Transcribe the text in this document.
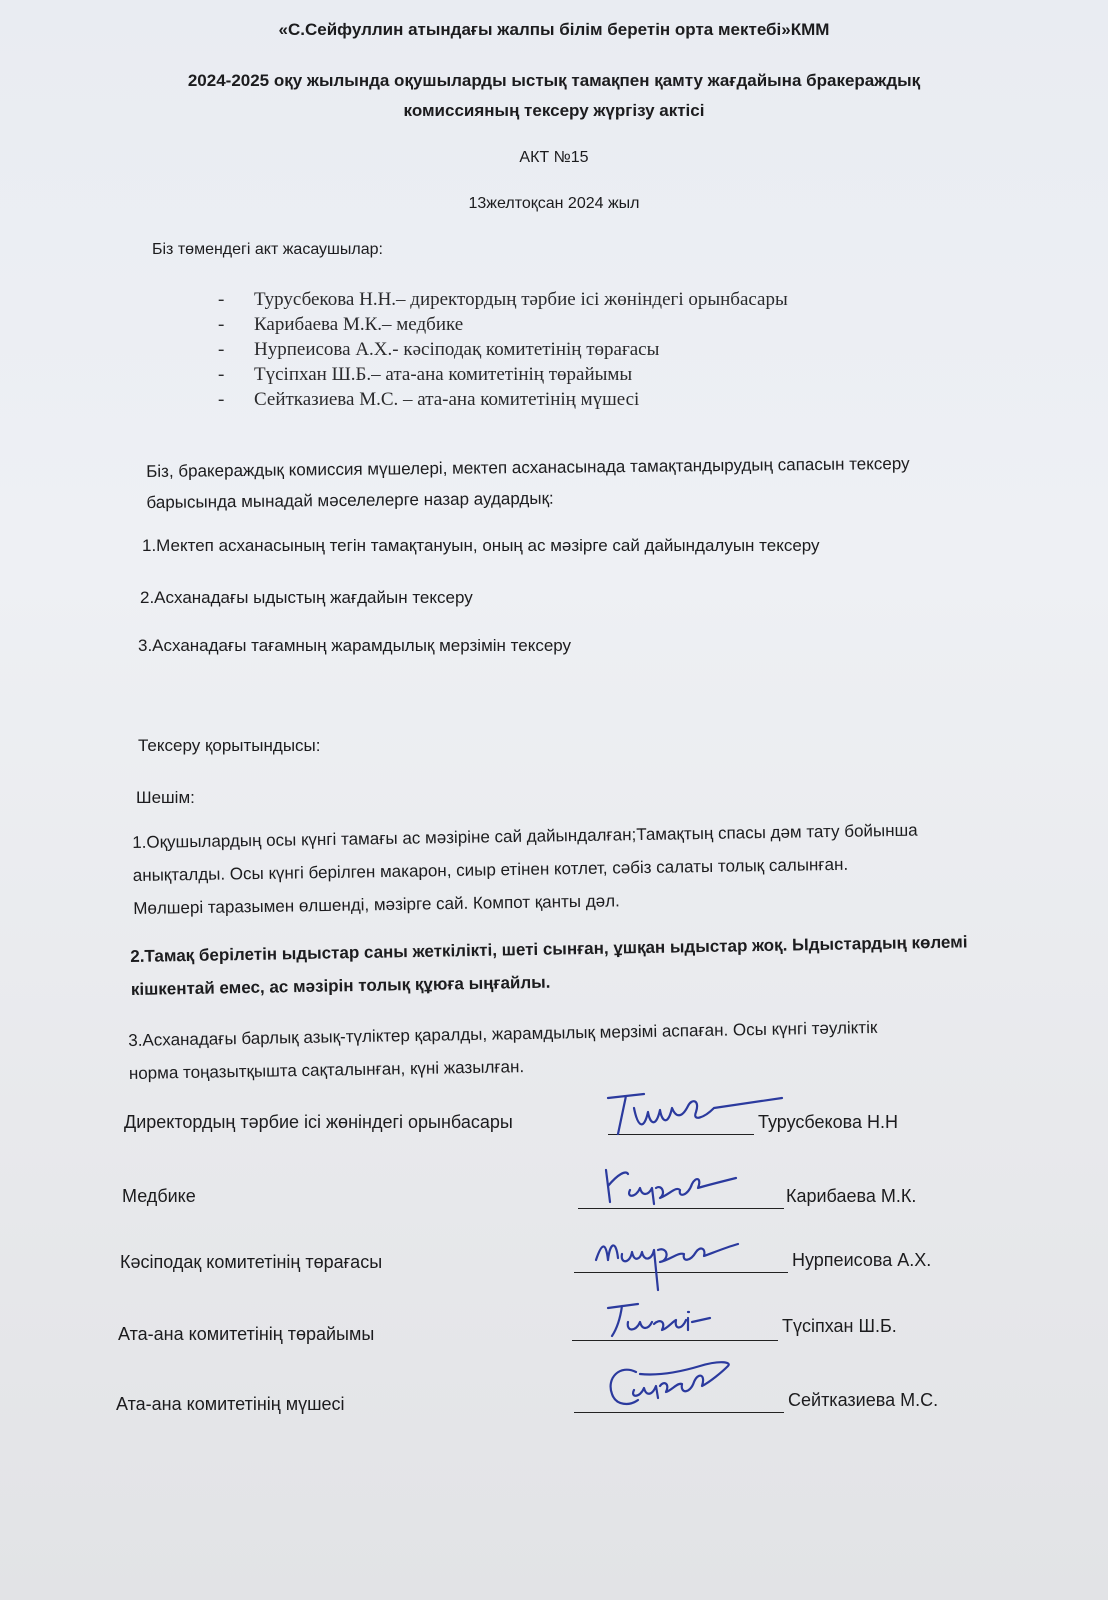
«С.Сейфуллин атындағы жалпы білім беретін орта мектебі»КММ
2024-2025 оқу жылында оқушыларды ыстық тамақпен қамту жағдайына бракераждық
комиссияның тексеру жүргізу актісі
АКТ №15
13желтоқсан 2024 жыл
Біз төмендегі акт жасаушылар:
- Турусбекова Н.Н.– директордың тәрбие ісі жөніндегі орынбасары
- Карибаева М.К.– медбике
- Нурпеисова А.Х.- кәсіподақ комитетінің төрағасы
- Түсіпхан Ш.Б.– ата-ана комитетінің төрайымы
- Сейтказиева М.С. – ата-ана комитетінің мүшесі
Біз, бракераждық комиссия мүшелері, мектеп асханасынада тамақтандырудың сапасын тексеру
барысында мынадай мәселелерге назар аудардық:
1.Мектеп асханасының тегін тамақтануын, оның ас мәзірге сай дайындалуын тексеру
2.Асханадағы ыдыстың жағдайын тексеру
3.Асханадағы тағамның жарамдылық мерзімін тексеру
Тексеру қорытындысы:
Шешім:
1.Оқушылардың осы күнгі тамағы ас мәзіріне сай дайындалған;Тамақтың спасы дәм тату бойынша
анықталды. Осы күнгі берілген макарон, сиыр етінен котлет, сәбіз салаты толық салынған.
Мөлшері таразымен өлшенді, мәзірге сай. Компот қанты дәл.
2.Тамақ берілетін ыдыстар саны жеткілікті, шеті сынған, ұшқан ыдыстар жоқ. Ыдыстардың көлемі
кішкентай емес, ас мәзірін толық құюға ыңғайлы.
3.Асханадағы барлық азық-түліктер қаралды, жарамдылық мерзімі аспаған. Осы күнгі тәуліктік
норма тоңазытқышта сақталынған, күні жазылған.
Директордың тәрбие ісі жөніндегі орынбасары	Турусбекова Н.Н
Медбике	Карибаева М.К.
Кәсіподақ комитетінің төрағасы	Нурпеисова А.Х.
Ата-ана комитетінің төрайымы	Түсіпхан Ш.Б.
Ата-ана комитетінің мүшесі	Сейтказиева М.С.
